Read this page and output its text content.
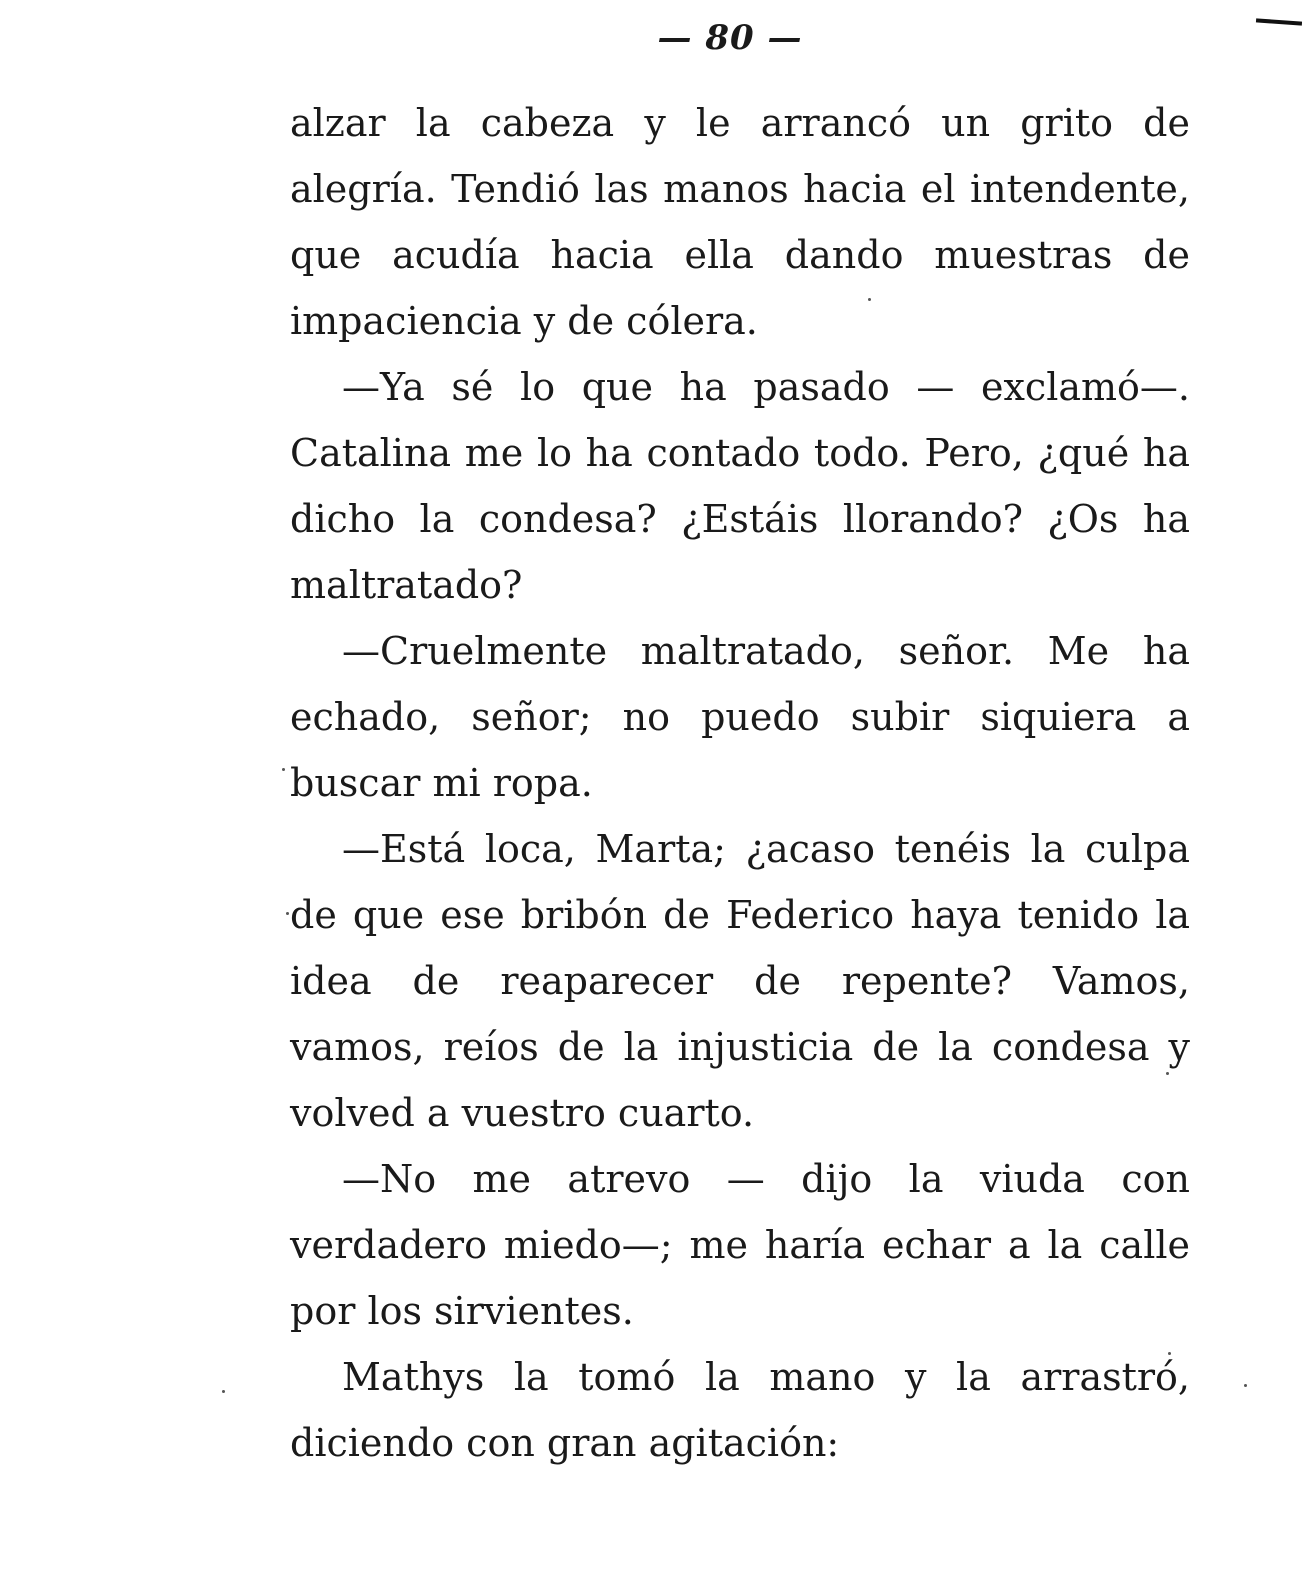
— 80 —

alzar la cabeza y le arrancó un grito de alegría. Tendió las manos hacia el intendente, que acudía hacia ella dando muestras de impaciencia y de cólera.

—Ya sé lo que ha pasado — exclamó—. Catalina me lo ha contado todo. Pero, ¿qué ha dicho la condesa? ¿Estáis llorando? ¿Os ha maltratado?

—Cruelmente maltratado, señor. Me ha echado, señor; no puedo subir siquiera a buscar mi ropa.

—Está loca, Marta; ¿acaso tenéis la culpa de que ese bribón de Federico haya tenido la idea de reaparecer de repente? Vamos, vamos, reíos de la injusticia de la condesa y volved a vuestro cuarto.

—No me atrevo — dijo la viuda con verdadero miedo—; me haría echar a la calle por los sirvientes.

Mathys la tomó la mano y la arrastró, diciendo con gran agitación:
